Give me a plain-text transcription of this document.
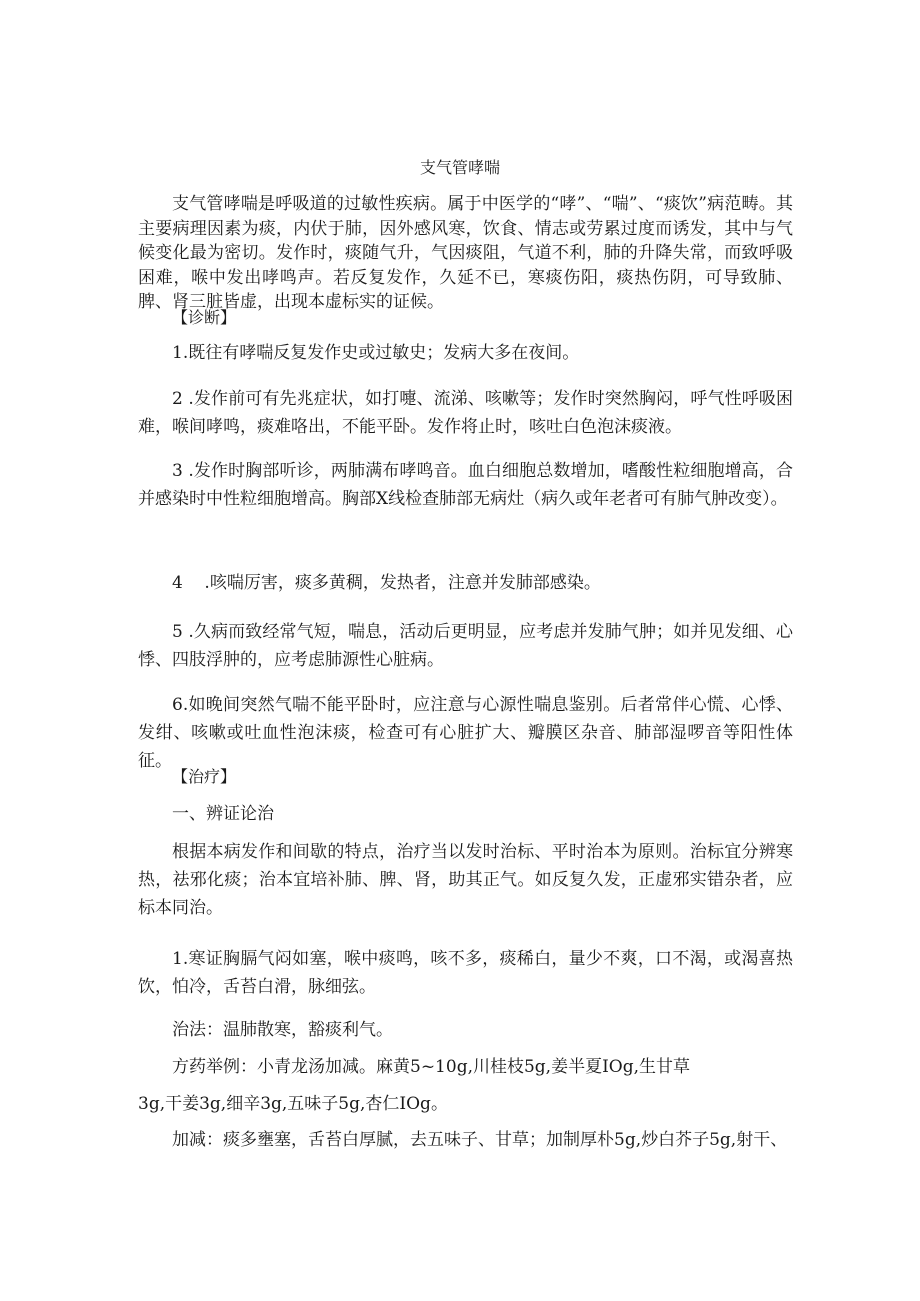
支气管哮喘

支气管哮喘是呼吸道的过敏性疾病。属于中医学的“哮”、“喘”、“痰饮”病范畴。其主要病理因素为痰，内伏于肺，因外感风寒，饮食、情志或劳累过度而诱发，其中与气候变化最为密切。发作时，痰随气升，气因痰阻，气道不利，肺的升降失常，而致呼吸困难，喉中发出哮鸣声。若反复发作，久延不已，寒痰伤阳，痰热伤阴，可导致肺、脾、肾三脏皆虚，出现本虚标实的证候。

【诊断】

1.既往有哮喘反复发作史或过敏史；发病大多在夜间。

2 .发作前可有先兆症状，如打嚏、流涕、咳嗽等；发作时突然胸闷，呼气性呼吸困难，喉间哮鸣，痰难咯出，不能平卧。发作将止时，咳吐白色泡沫痰液。

3 .发作时胸部听诊，两肺满布哮鸣音。血白细胞总数增加，嗜酸性粒细胞增高，合并感染时中性粒细胞增高。胸部X线检查肺部无病灶（病久或年老者可有肺气肿改变）。

4    .咳喘厉害，痰多黄稠，发热者，注意并发肺部感染。

5 .久病而致经常气短，喘息，活动后更明显，应考虑并发肺气肿；如并见发细、心悸、四肢浮肿的，应考虑肺源性心脏病。

6.如晚间突然气喘不能平卧时，应注意与心源性喘息鉴别。后者常伴心慌、心悸、发绀、咳嗽或吐血性泡沫痰，检查可有心脏扩大、瓣膜区杂音、肺部湿啰音等阳性体征。

【治疗】

一、辨证论治

根据本病发作和间歇的特点，治疗当以发时治标、平时治本为原则。治标宜分辨寒热，祛邪化痰；治本宜培补肺、脾、肾，助其正气。如反复久发，正虚邪实错杂者，应标本同治。

1.寒证胸膈气闷如塞，喉中痰鸣，咳不多，痰稀白，量少不爽，口不渴，或渴喜热饮，怕冷，舌苔白滑，脉细弦。

治法：温肺散寒，豁痰利气。

方药举例：小青龙汤加减。麻黄5~10g,川桂枝5g,姜半夏IOg,生甘草

3g,干姜3g,细辛3g,五味子5g,杏仁IOg。

加减：痰多壅塞，舌苔白厚腻，去五味子、甘草；加制厚朴5g,炒白芥子5g,射干、
